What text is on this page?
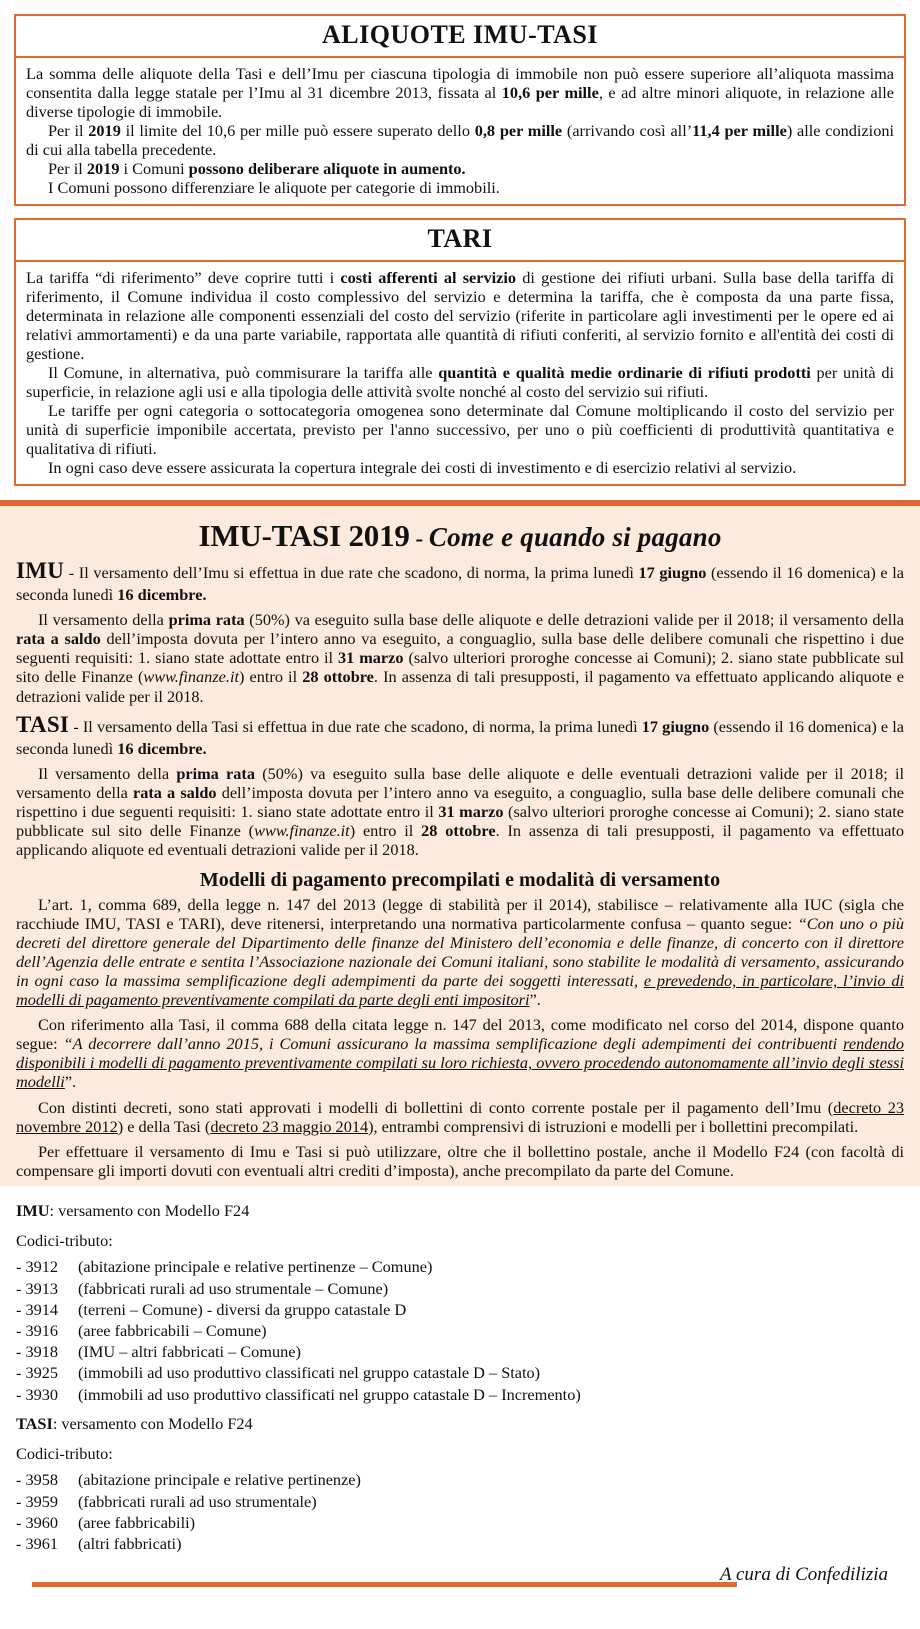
ALIQUOTE IMU-TASI

La somma delle aliquote della Tasi e dell’Imu per ciascuna tipologia di immobile non può essere superiore all’aliquota massima consentita dalla legge statale per l’Imu al 31 dicembre 2013, fissata al 10,6 per mille, e ad altre minori aliquote, in relazione alle diverse tipologie di immobile.

Per il 2019 il limite del 10,6 per mille può essere superato dello 0,8 per mille (arrivando così all’11,4 per mille) alle condizioni di cui alla tabella precedente.

Per il 2019 i Comuni possono deliberare aliquote in aumento.

I Comuni possono differenziare le aliquote per categorie di immobili.

TARI

La tariffa “di riferimento” deve coprire tutti i costi afferenti al servizio di gestione dei rifiuti urbani. Sulla base della tariffa di riferimento, il Comune individua il costo complessivo del servizio e determina la tariffa, che è composta da una parte fissa, determinata in relazione alle componenti essenziali del costo del servizio (riferite in particolare agli investimenti per le opere ed ai relativi ammortamenti) e da una parte variabile, rapportata alle quantità di rifiuti conferiti, al servizio fornito e all'entità dei costi di gestione.

Il Comune, in alternativa, può commisurare la tariffa alle quantità e qualità medie ordinarie di rifiuti prodotti per unità di superficie, in relazione agli usi e alla tipologia delle attività svolte nonché al costo del servizio sui rifiuti.

Le tariffe per ogni categoria o sottocategoria omogenea sono determinate dal Comune moltiplicando il costo del servizio per unità di superficie imponibile accertata, previsto per l'anno successivo, per uno o più coefficienti di produttività quantitativa e qualitativa di rifiuti.

In ogni caso deve essere assicurata la copertura integrale dei costi di investimento e di esercizio relativi al servizio.

IMU-TASI 2019 - Come e quando si pagano

IMU - Il versamento dell’Imu si effettua in due rate che scadono, di norma, la prima lunedì 17 giugno (essendo il 16 domenica) e la seconda lunedì 16 dicembre.

Il versamento della prima rata (50%) va eseguito sulla base delle aliquote e delle detrazioni valide per il 2018; il versamento della rata a saldo dell’imposta dovuta per l’intero anno va eseguito, a conguaglio, sulla base delle delibere comunali che rispettino i due seguenti requisiti: 1. siano state adottate entro il 31 marzo (salvo ulteriori proroghe concesse ai Comuni); 2. siano state pubblicate sul sito delle Finanze (www.finanze.it) entro il 28 ottobre. In assenza di tali presupposti, il pagamento va effettuato applicando aliquote e detrazioni valide per il 2018.

TASI - Il versamento della Tasi si effettua in due rate che scadono, di norma, la prima lunedì 17 giugno (essendo il 16 domenica) e la seconda lunedì 16 dicembre.

Il versamento della prima rata (50%) va eseguito sulla base delle aliquote e delle eventuali detrazioni valide per il 2018; il versamento della rata a saldo dell’imposta dovuta per l’intero anno va eseguito, a conguaglio, sulla base delle delibere comunali che rispettino i due seguenti requisiti: 1. siano state adottate entro il 31 marzo (salvo ulteriori proroghe concesse ai Comuni); 2. siano state pubblicate sul sito delle Finanze (www.finanze.it) entro il 28 ottobre. In assenza di tali presupposti, il pagamento va effettuato applicando aliquote ed eventuali detrazioni valide per il 2018.

Modelli di pagamento precompilati e modalità di versamento

L’art. 1, comma 689, della legge n. 147 del 2013 (legge di stabilità per il 2014), stabilisce – relativamente alla IUC (sigla che racchiude IMU, TASI e TARI), deve ritenersi, interpretando una normativa particolarmente confusa – quanto segue: “Con uno o più decreti del direttore generale del Dipartimento delle finanze del Ministero dell’economia e delle finanze, di concerto con il direttore dell’Agenzia delle entrate e sentita l’Associazione nazionale dei Comuni italiani, sono stabilite le modalità di versamento, assicurando in ogni caso la massima semplificazione degli adempimenti da parte dei soggetti interessati, e prevedendo, in particolare, l’invio di modelli di pagamento preventivamente compilati da parte degli enti impositori”.

Con riferimento alla Tasi, il comma 688 della citata legge n. 147 del 2013, come modificato nel corso del 2014, dispone quanto segue: “A decorrere dall’anno 2015, i Comuni assicurano la massima semplificazione degli adempimenti dei contribuenti rendendo disponibili i modelli di pagamento preventivamente compilati su loro richiesta, ovvero procedendo autonomamente all’invio degli stessi modelli”.

Con distinti decreti, sono stati approvati i modelli di bollettini di conto corrente postale per il pagamento dell’Imu (decreto 23 novembre 2012) e della Tasi (decreto 23 maggio 2014), entrambi comprensivi di istruzioni e modelli per i bollettini precompilati.

Per effettuare il versamento di Imu e Tasi si può utilizzare, oltre che il bollettino postale, anche il Modello F24 (con facoltà di compensare gli importi dovuti con eventuali altri crediti d’imposta), anche precompilato da parte del Comune.

IMU: versamento con Modello F24
Codici-tributo:
- 3912 (abitazione principale e relative pertinenze – Comune)
- 3913 (fabbricati rurali ad uso strumentale – Comune)
- 3914 (terreni – Comune) - diversi da gruppo catastale D
- 3916 (aree fabbricabili – Comune)
- 3918 (IMU – altri fabbricati – Comune)
- 3925 (immobili ad uso produttivo classificati nel gruppo catastale D – Stato)
- 3930 (immobili ad uso produttivo classificati nel gruppo catastale D – Incremento)
TASI: versamento con Modello F24
Codici-tributo:
- 3958 (abitazione principale e relative pertinenze)
- 3959 (fabbricati rurali ad uso strumentale)
- 3960 (aree fabbricabili)
- 3961 (altri fabbricati)
A cura di Confedilizia
